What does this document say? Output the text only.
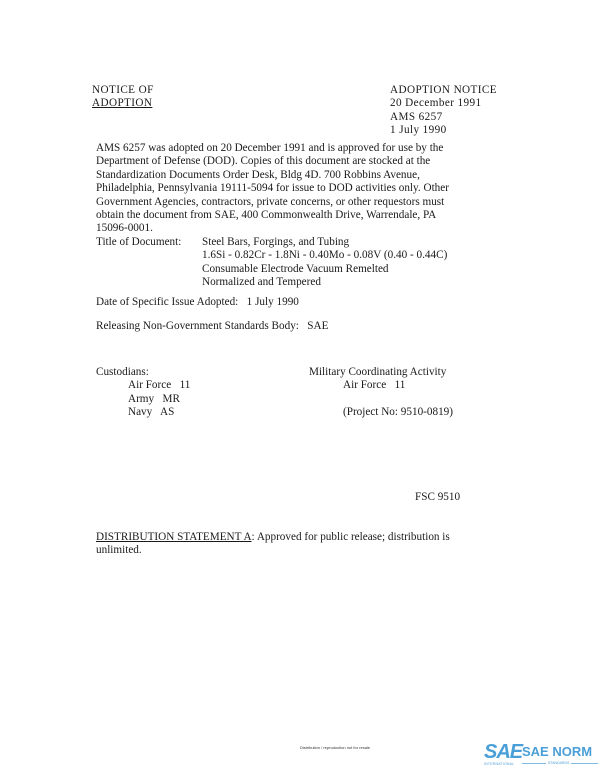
NOTICE OF
ADOPTION
ADOPTION NOTICE
20 December 1991
AMS 6257
1 July 1990
AMS 6257 was adopted on 20 December 1991 and is approved for use by the
Department of Defense (DOD). Copies of this document are stocked at the
Standardization Documents Order Desk, Bldg 4D. 700 Robbins Avenue,
Philadelphia, Pennsylvania 19111-5094 for issue to DOD activities only. Other
Government Agencies, contractors, private concerns, or other requestors must
obtain the document from SAE, 400 Commonwealth Drive, Warrendale, PA
15096-0001.
Title of Document: Steel Bars, Forgings, and Tubing
1.6Si - 0.82Cr - 1.8Ni - 0.40Mo - 0.08V (0.40 - 0.44C)
Consumable Electrode Vacuum Remelted
Normalized and Tempered
Date of Specific Issue Adopted:   1 July 1990
Releasing Non-Government Standards Body:   SAE
Custodians:
Air Force   11
Army   MR
Navy   AS
Military Coordinating Activity
Air Force   11

(Project No: 9510-0819)
FSC 9510
DISTRIBUTION STATEMENT A: Approved for public release; distribution is
unlimited.
Distribution / reproduction not for resale	SAE
INTERNATIONAL
SAE NORM
STANDARDS
